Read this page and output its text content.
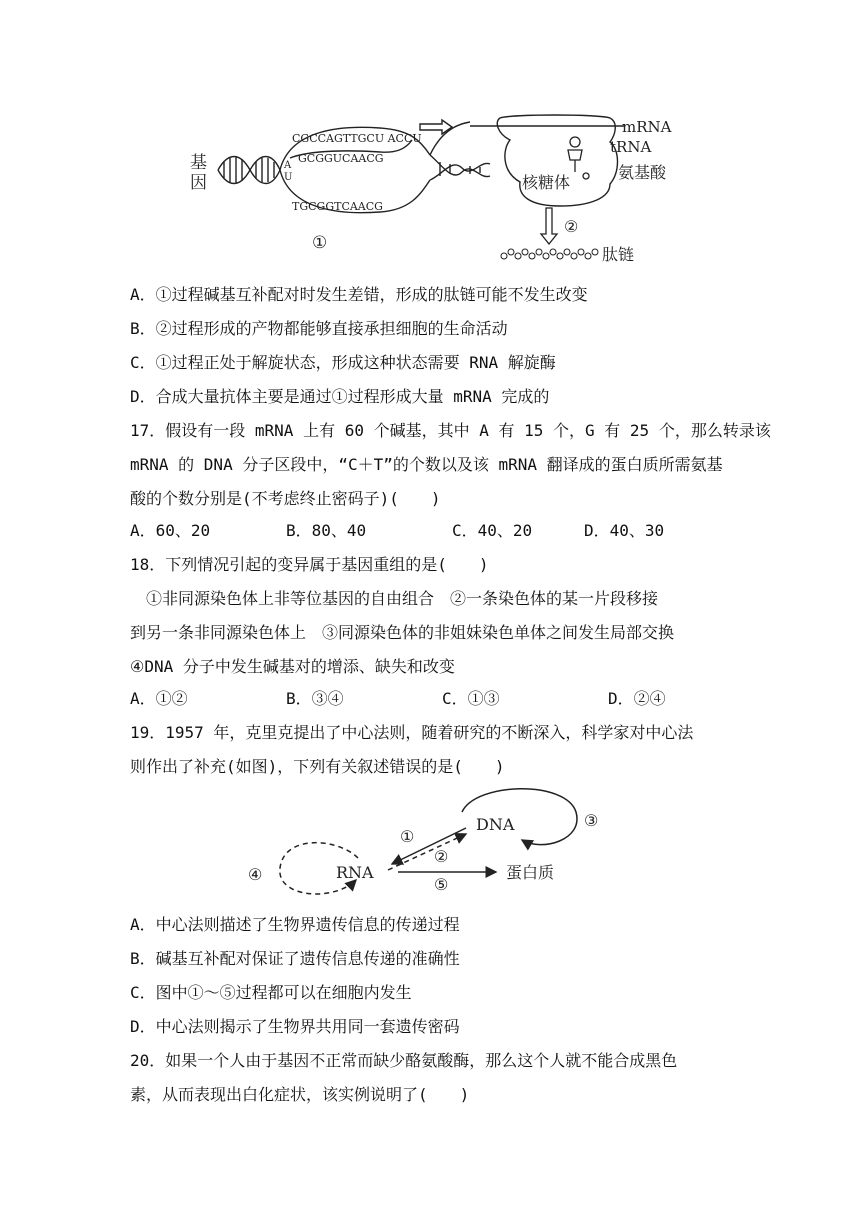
基
因
CGCCAGTTGCU ACCU
GCGGUCAACG
A
U
TGCGGTCAACG
①
mRNA
tRNA
氨基酸
核糖体
②
肽链
A．①过程碱基互补配对时发生差错，形成的肽链可能不发生改变
B．②过程形成的产物都能够直接承担细胞的生命活动
C．①过程正处于解旋状态，形成这种状态需要 RNA 解旋酶
D．合成大量抗体主要是通过①过程形成大量 mRNA 完成的
17．假设有一段 mRNA 上有 60 个碱基，其中 A 有 15 个，G 有 25 个，那么转录该
mRNA 的 DNA 分子区段中，“C＋T”的个数以及该 mRNA 翻译成的蛋白质所需氨基
酸的个数分别是(不考虑终止密码子)(　　)
A．60、20	B．80、40	C．40、20	D．40、30
18．下列情况引起的变异属于基因重组的是(　　)
　①非同源染色体上非等位基因的自由组合　②一条染色体的某一片段移接
到另一条非同源染色体上　③同源染色体的非姐妹染色单体之间发生局部交换
④DNA 分子中发生碱基对的增添、缺失和改变
A．①②	B．③④	C．①③	D．②④
19．1957 年，克里克提出了中心法则，随着研究的不断深入，科学家对中心法
则作出了补充(如图)，下列有关叙述错误的是(　　)
DNA
RNA	蛋白质
①
②
③
④
⑤
A．中心法则描述了生物界遗传信息的传递过程
B．碱基互补配对保证了遗传信息传递的准确性
C．图中①～⑤过程都可以在细胞内发生
D．中心法则揭示了生物界共用同一套遗传密码
20．如果一个人由于基因不正常而缺少酪氨酸酶，那么这个人就不能合成黑色
素，从而表现出白化症状，该实例说明了(　　)
